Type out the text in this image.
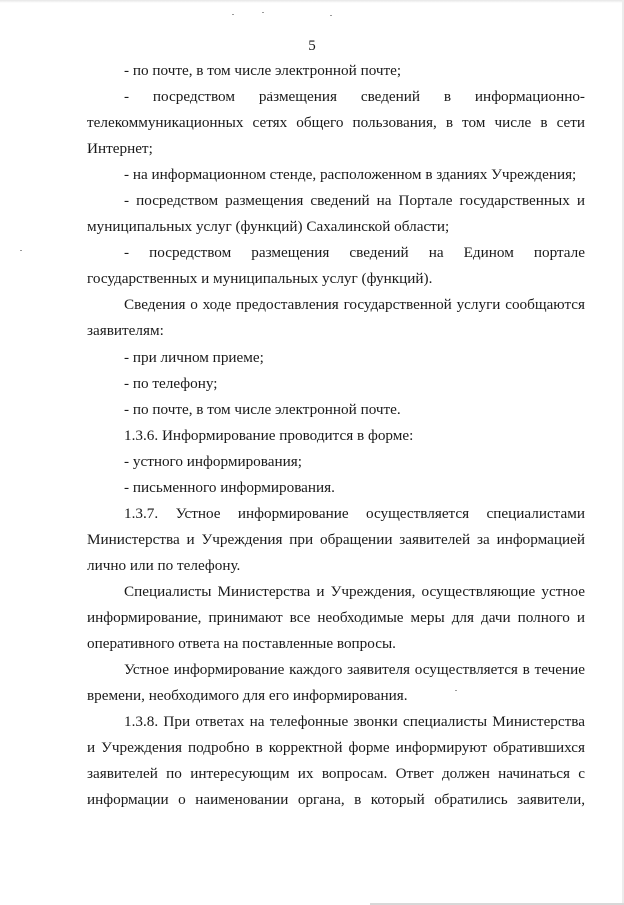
5

- по почте, в том числе электронной почте;

- посредством размещения сведений в информационно-телекоммуникационных сетях общего пользования, в том числе в сети Интернет;

- на информационном стенде, расположенном в зданиях Учреждения;

- посредством размещения сведений на Портале государственных и муниципальных услуг (функций) Сахалинской области;

- посредством размещения сведений на Едином портале государственных и муниципальных услуг (функций).

Сведения о ходе предоставления государственной услуги сообщаются заявителям:

- при личном приеме;

- по телефону;

- по почте, в том числе электронной почте.

1.3.6. Информирование проводится в форме:

- устного информирования;

- письменного информирования.

1.3.7. Устное информирование осуществляется специалистами Министерства и Учреждения при обращении заявителей за информацией лично или по телефону.

Специалисты Министерства и Учреждения, осуществляющие устное информирование, принимают все необходимые меры для дачи полного и оперативного ответа на поставленные вопросы.

Устное информирование каждого заявителя осуществляется в течение времени, необходимого для его информирования.

1.3.8. При ответах на телефонные звонки специалисты Министерства и Учреждения подробно в корректной форме информируют обратившихся заявителей по интересующим их вопросам. Ответ должен начинаться с информации о наименовании органа, в который обратились заявители,
